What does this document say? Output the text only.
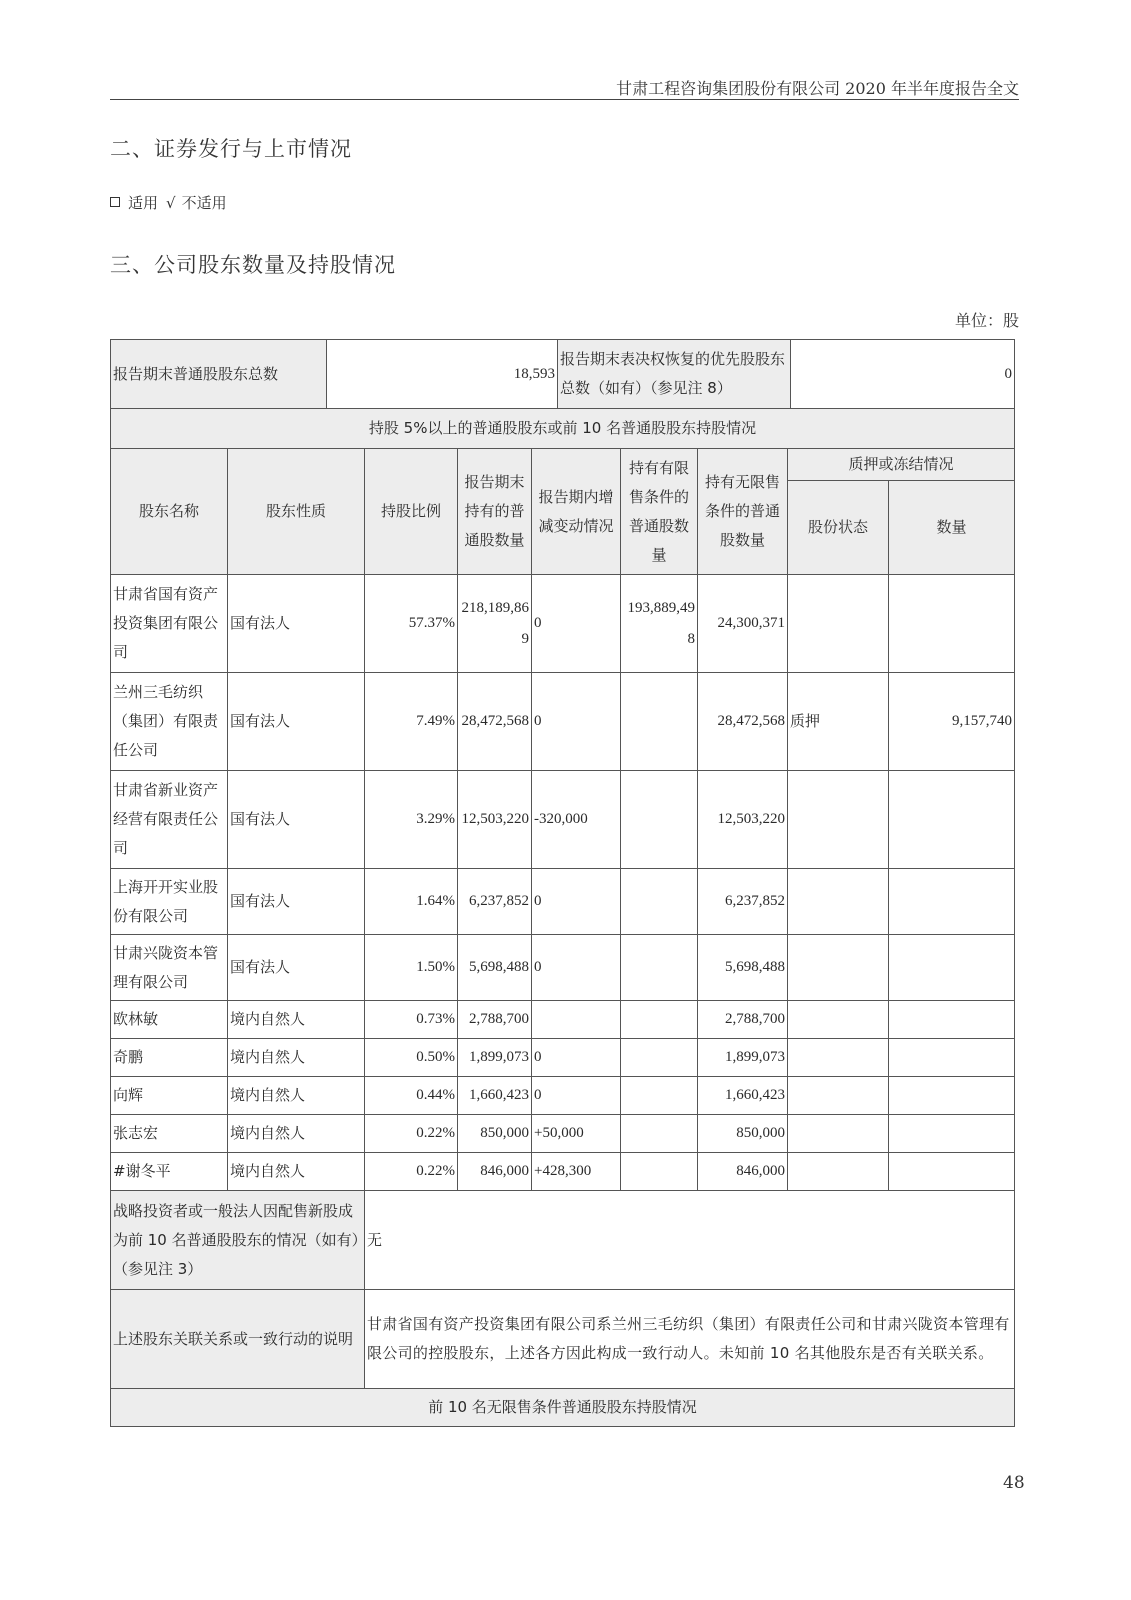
甘肃工程咨询集团股份有限公司 2020 年半年度报告全文
二、证券发行与上市情况
适用 √ 不适用
三、公司股东数量及持股情况
单位：股
报告期末普通股股东总数	18,593	报告期末表决权恢复的优先股股东总数（如有）（参见注 8）	0
持股 5%以上的普通股股东或前 10 名普通股股东持股情况								
股东名称	股东性质	持股比例	报告期末持有的普通股数量	报告期内增减变动情况	持有有限售条件的普通股数量	持有无限售条件的普通股数量	质押或冻结情况	
							股份状态	数量
甘肃省国有资产投资集团有限公司	国有法人	57.37%	218,189,869	0	193,889,498	24,300,371		
兰州三毛纺织（集团）有限责任公司	国有法人	7.49%	28,472,568	0		28,472,568	质押	9,157,740
甘肃省新业资产经营有限责任公司	国有法人	3.29%	12,503,220	-320,000		12,503,220		
上海开开实业股份有限公司	国有法人	1.64%	6,237,852	0		6,237,852		
甘肃兴陇资本管理有限公司	国有法人	1.50%	5,698,488	0		5,698,488		
欧林敏	境内自然人	0.73%	2,788,700			2,788,700		
奇鹏	境内自然人	0.50%	1,899,073	0		1,899,073		
向辉	境内自然人	0.44%	1,660,423	0		1,660,423		
张志宏	境内自然人	0.22%	850,000	+50,000		850,000		
#谢冬平	境内自然人	0.22%	846,000	+428,300		846,000		
战略投资者或一般法人因配售新股成为前 10 名普通股股东的情况（如有）（参见注 3）		无						
上述股东关联关系或一致行动的说明		甘肃省国有资产投资集团有限公司系兰州三毛纺织（集团）有限责任公司和甘肃兴陇资本管理有限公司的控股股东，上述各方因此构成一致行动人。未知前 10 名其他股东是否有关联关系。						
前 10 名无限售条件普通股股东持股情况								
48
